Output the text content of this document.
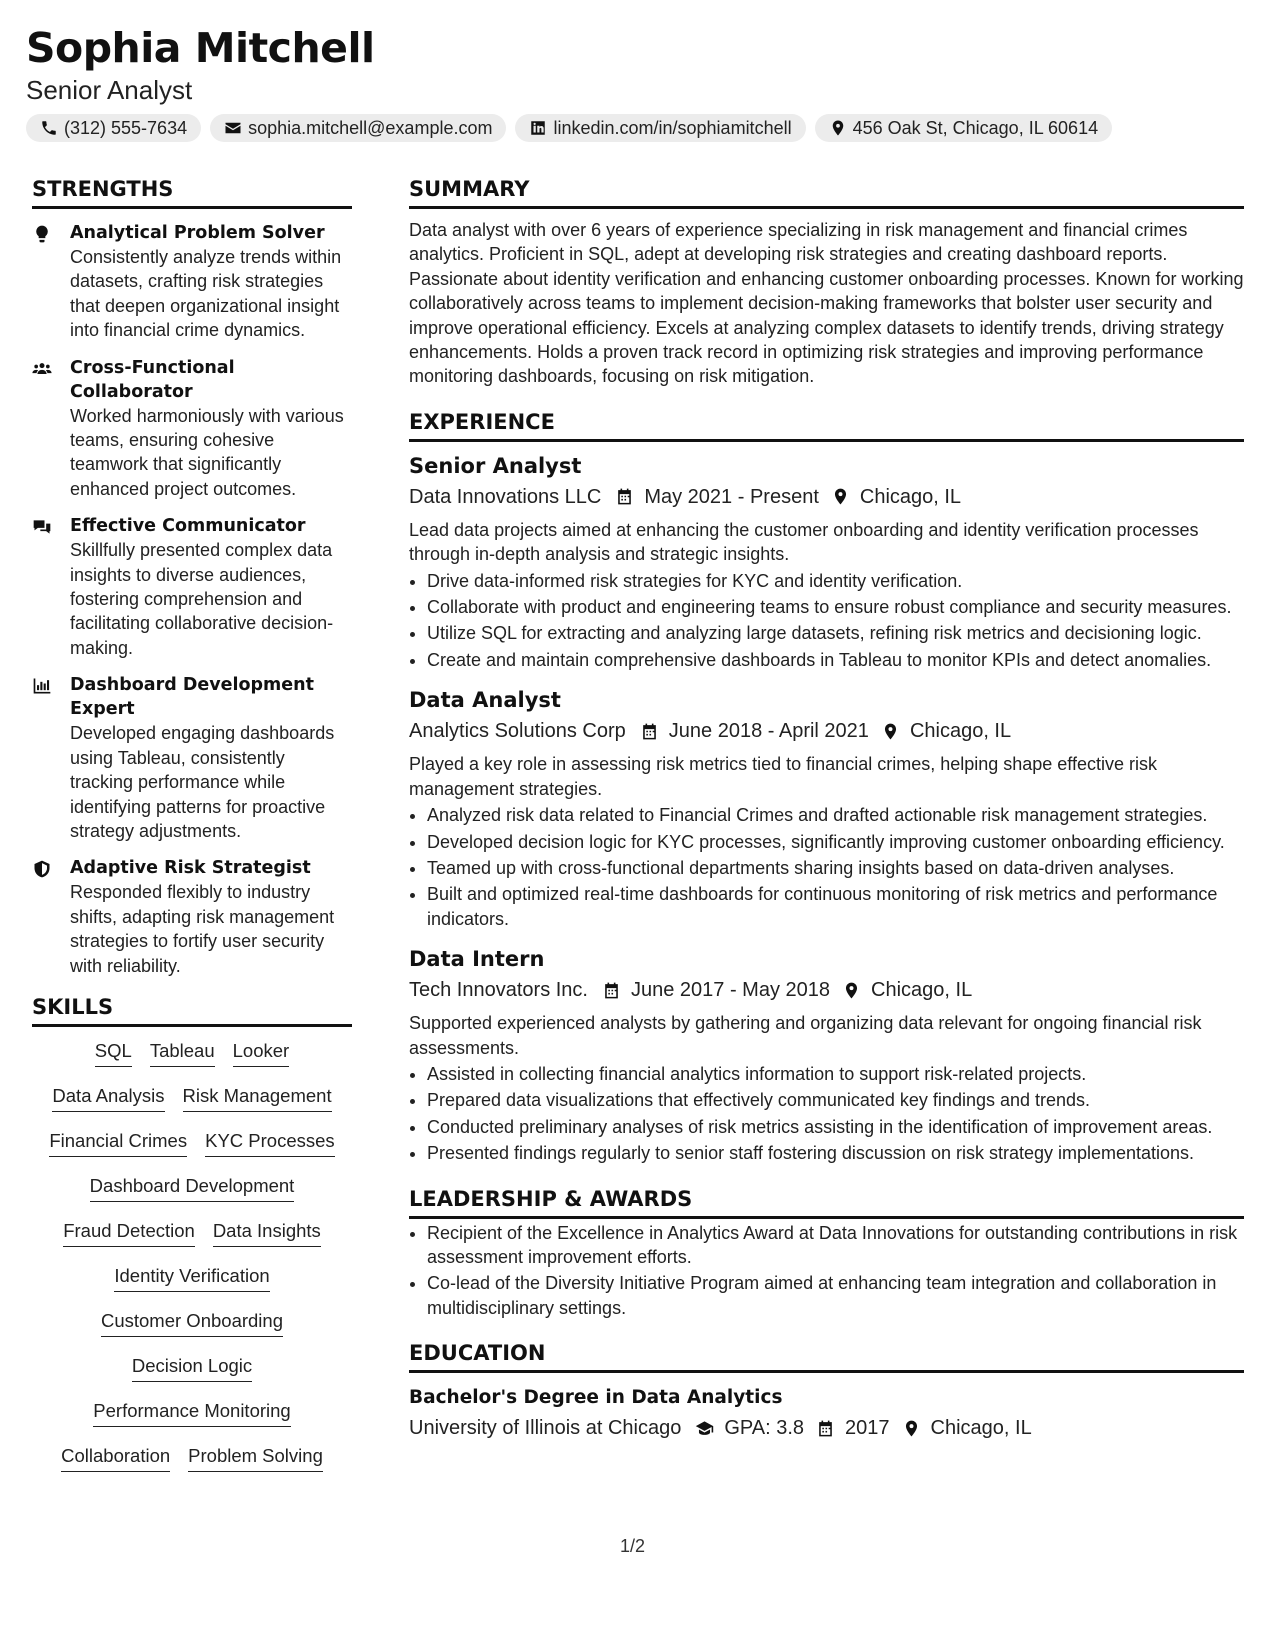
Sophia Mitchell
Senior Analyst
(312) 555-7634	sophia.mitchell@example.com	linkedin.com/in/sophiamitchell	456 Oak St, Chicago, IL 60614
STRENGTHS
Analytical Problem Solver
Consistently analyze trends within datasets, crafting risk strategies that deepen organizational insight into financial crime dynamics.
Cross-Functional Collaborator
Worked harmoniously with various teams, ensuring cohesive teamwork that significantly enhanced project outcomes.
Effective Communicator
Skillfully presented complex data insights to diverse audiences, fostering comprehension and facilitating collaborative decision-making.
Dashboard Development Expert
Developed engaging dashboards using Tableau, consistently tracking performance while identifying patterns for proactive strategy adjustments.
Adaptive Risk Strategist
Responded flexibly to industry shifts, adapting risk management strategies to fortify user security with reliability.
SKILLS
SQL Tableau Looker
Data Analysis Risk Management
Financial Crimes KYC Processes
Dashboard Development
Fraud Detection Data Insights
Identity Verification
Customer Onboarding
Decision Logic
Performance Monitoring
Collaboration Problem Solving
SUMMARY

Data analyst with over 6 years of experience specializing in risk management and financial crimes analytics. Proficient in SQL, adept at developing risk strategies and creating dashboard reports. Passionate about identity verification and enhancing customer onboarding processes. Known for working collaboratively across teams to implement decision-making frameworks that bolster user security and improve operational efficiency. Excels at analyzing complex datasets to identify trends, driving strategy enhancements. Holds a proven track record in optimizing risk strategies and improving performance monitoring dashboards, focusing on risk mitigation.

EXPERIENCE
Senior Analyst
Data Innovations LLC May 2021 - Present Chicago, IL
Lead data projects aimed at enhancing the customer onboarding and identity verification processes through in-depth analysis and strategic insights.
• Drive data-informed risk strategies for KYC and identity verification.
• Collaborate with product and engineering teams to ensure robust compliance and security measures.
• Utilize SQL for extracting and analyzing large datasets, refining risk metrics and decisioning logic.
• Create and maintain comprehensive dashboards in Tableau to monitor KPIs and detect anomalies.
Data Analyst
Analytics Solutions Corp June 2018 - April 2021 Chicago, IL
Played a key role in assessing risk metrics tied to financial crimes, helping shape effective risk management strategies.
• Analyzed risk data related to Financial Crimes and drafted actionable risk management strategies.
• Developed decision logic for KYC processes, significantly improving customer onboarding efficiency.
• Teamed up with cross-functional departments sharing insights based on data-driven analyses.
• Built and optimized real-time dashboards for continuous monitoring of risk metrics and performance indicators.
Data Intern
Tech Innovators Inc. June 2017 - May 2018 Chicago, IL
Supported experienced analysts by gathering and organizing data relevant for ongoing financial risk assessments.
• Assisted in collecting financial analytics information to support risk-related projects.
• Prepared data visualizations that effectively communicated key findings and trends.
• Conducted preliminary analyses of risk metrics assisting in the identification of improvement areas.
• Presented findings regularly to senior staff fostering discussion on risk strategy implementations.
LEADERSHIP & AWARDS
• Recipient of the Excellence in Analytics Award at Data Innovations for outstanding contributions in risk assessment improvement efforts.
• Co-lead of the Diversity Initiative Program aimed at enhancing team integration and collaboration in multidisciplinary settings.
EDUCATION
Bachelor's Degree in Data Analytics
University of Illinois at Chicago GPA: 3.8 2017 Chicago, IL
1/2
